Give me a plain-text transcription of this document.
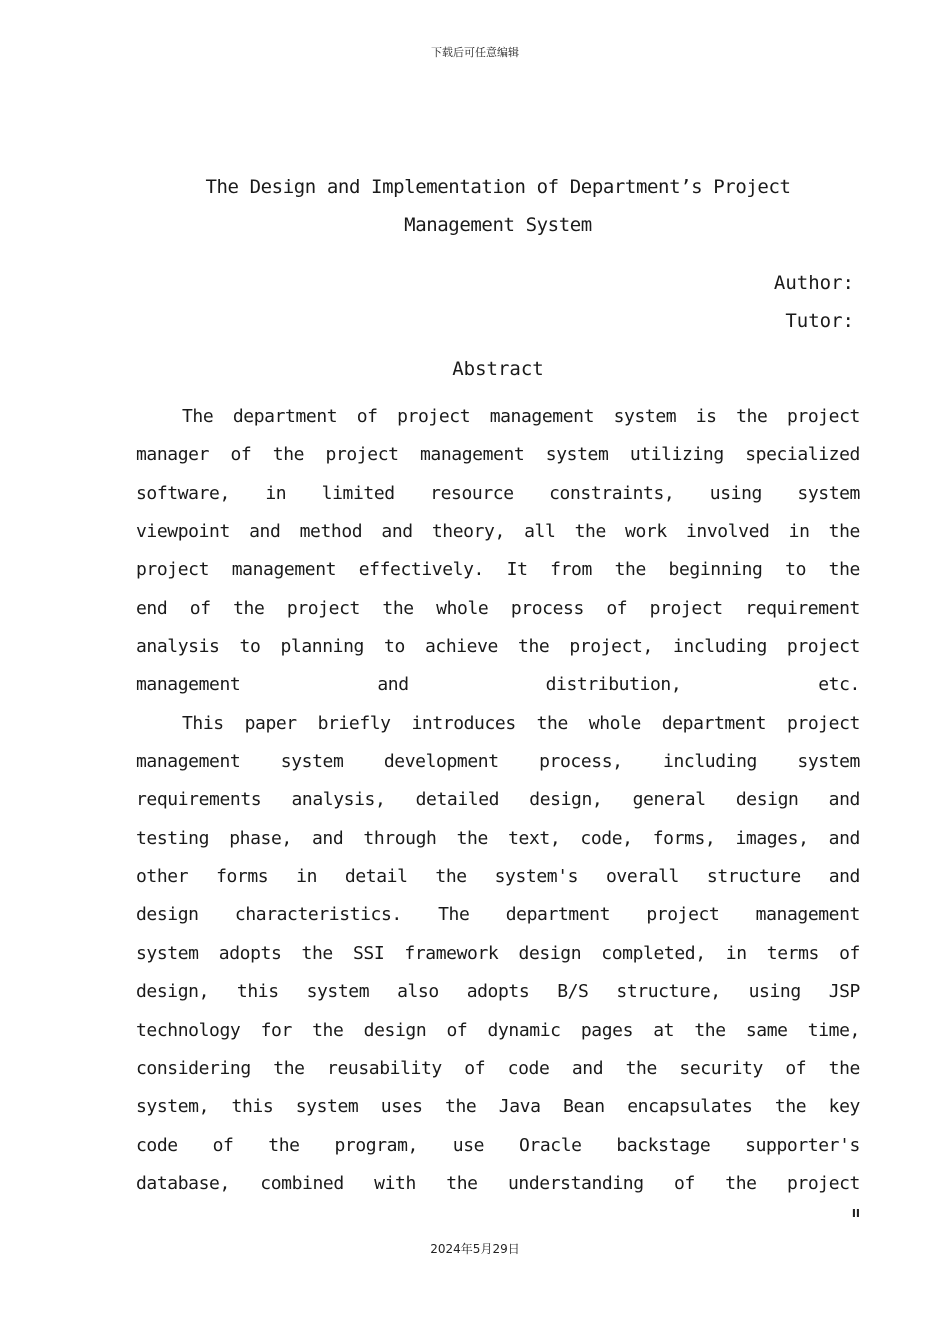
下载后可任意编辑
The Design and Implementation of Department’s Project
Management System
Author:
Tutor:
Abstract
The department of project management system is the project
manager of the project management system utilizing specialized
software, in limited resource constraints, using system
viewpoint and method and theory, all the work involved in the
project management effectively. It from the beginning to the
end of the project the whole process of project requirement
analysis to planning to achieve the project, including project
management and distribution, etc.
This paper briefly introduces the whole department project
management system development process, including system
requirements analysis, detailed design, general design and
testing phase, and through the text, code, forms, images, and
other forms in detail the system's overall structure and
design characteristics. The department project management
system adopts the SSI framework design completed, in terms of
design, this system also adopts B/S structure, using JSP
technology for the design of dynamic pages at the same time,
considering the reusability of code and the security of the
system, this system uses the Java Bean encapsulates the key
code of the program, use Oracle backstage supporter's
database, combined with the understanding of the project
II
2024年5月29日
